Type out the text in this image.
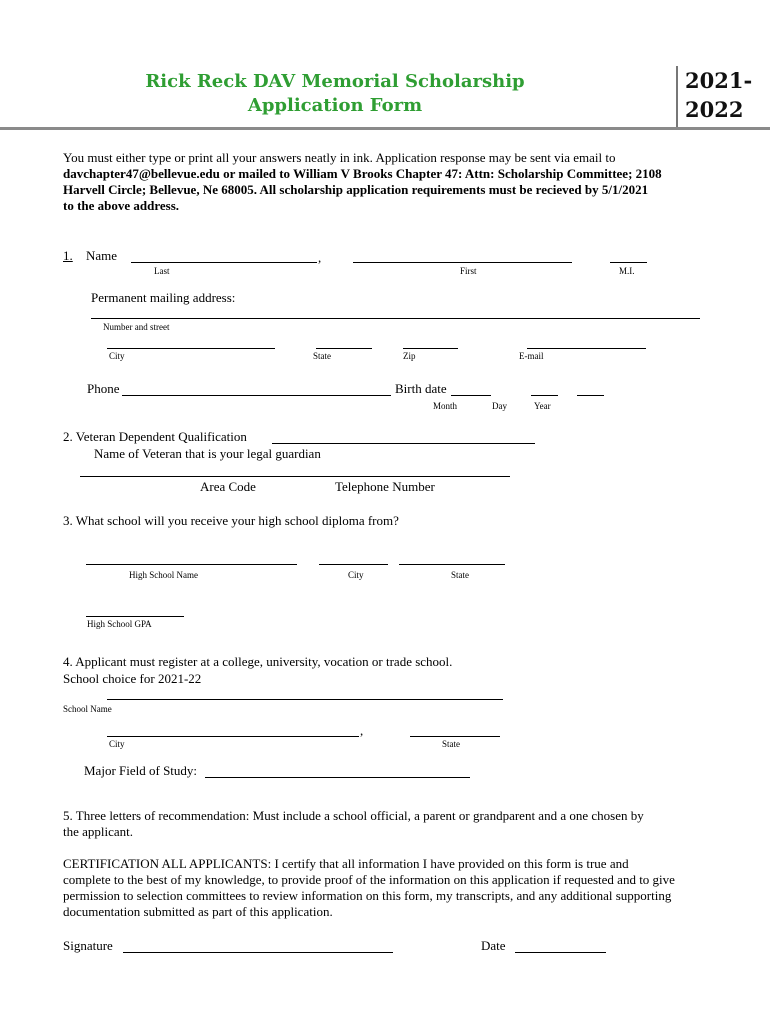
Rick Reck DAV Memorial Scholarship
Application Form
2021-
2022
You must either type or print all your answers neatly in ink. Application response may be sent via email to
davchapter47@bellevue.edu or mailed to William V Brooks Chapter 47: Attn: Scholarship Committee; 2108
Harvell Circle; Bellevue, Ne 68005. All scholarship application requirements must be recieved by 5/1/2021
to the above address.
1. Name	,
Last	First	M.I.
Permanent mailing address:
Number and street
City	State	Zip	E-mail
Phone	Birth date
Month	Day	Year
2. Veteran Dependent Qualification
Name of Veteran that is your legal guardian
Area Code	Telephone Number
3. What school will you receive your high school diploma from?
High School Name	City	State
High School GPA
4. Applicant must register at a college, university, vocation or trade school.
School choice for 2021-22
School Name
,
City	State
Major Field of Study:
5. Three letters of recommendation: Must include a school official, a parent or grandparent and a one chosen by
the applicant.
CERTIFICATION ALL APPLICANTS: I certify that all information I have provided on this form is true and
complete to the best of my knowledge, to provide proof of the information on this application if requested and to give
permission to selection committees to review information on this form, my transcripts, and any additional supporting
documentation submitted as part of this application.
Signature	Date
